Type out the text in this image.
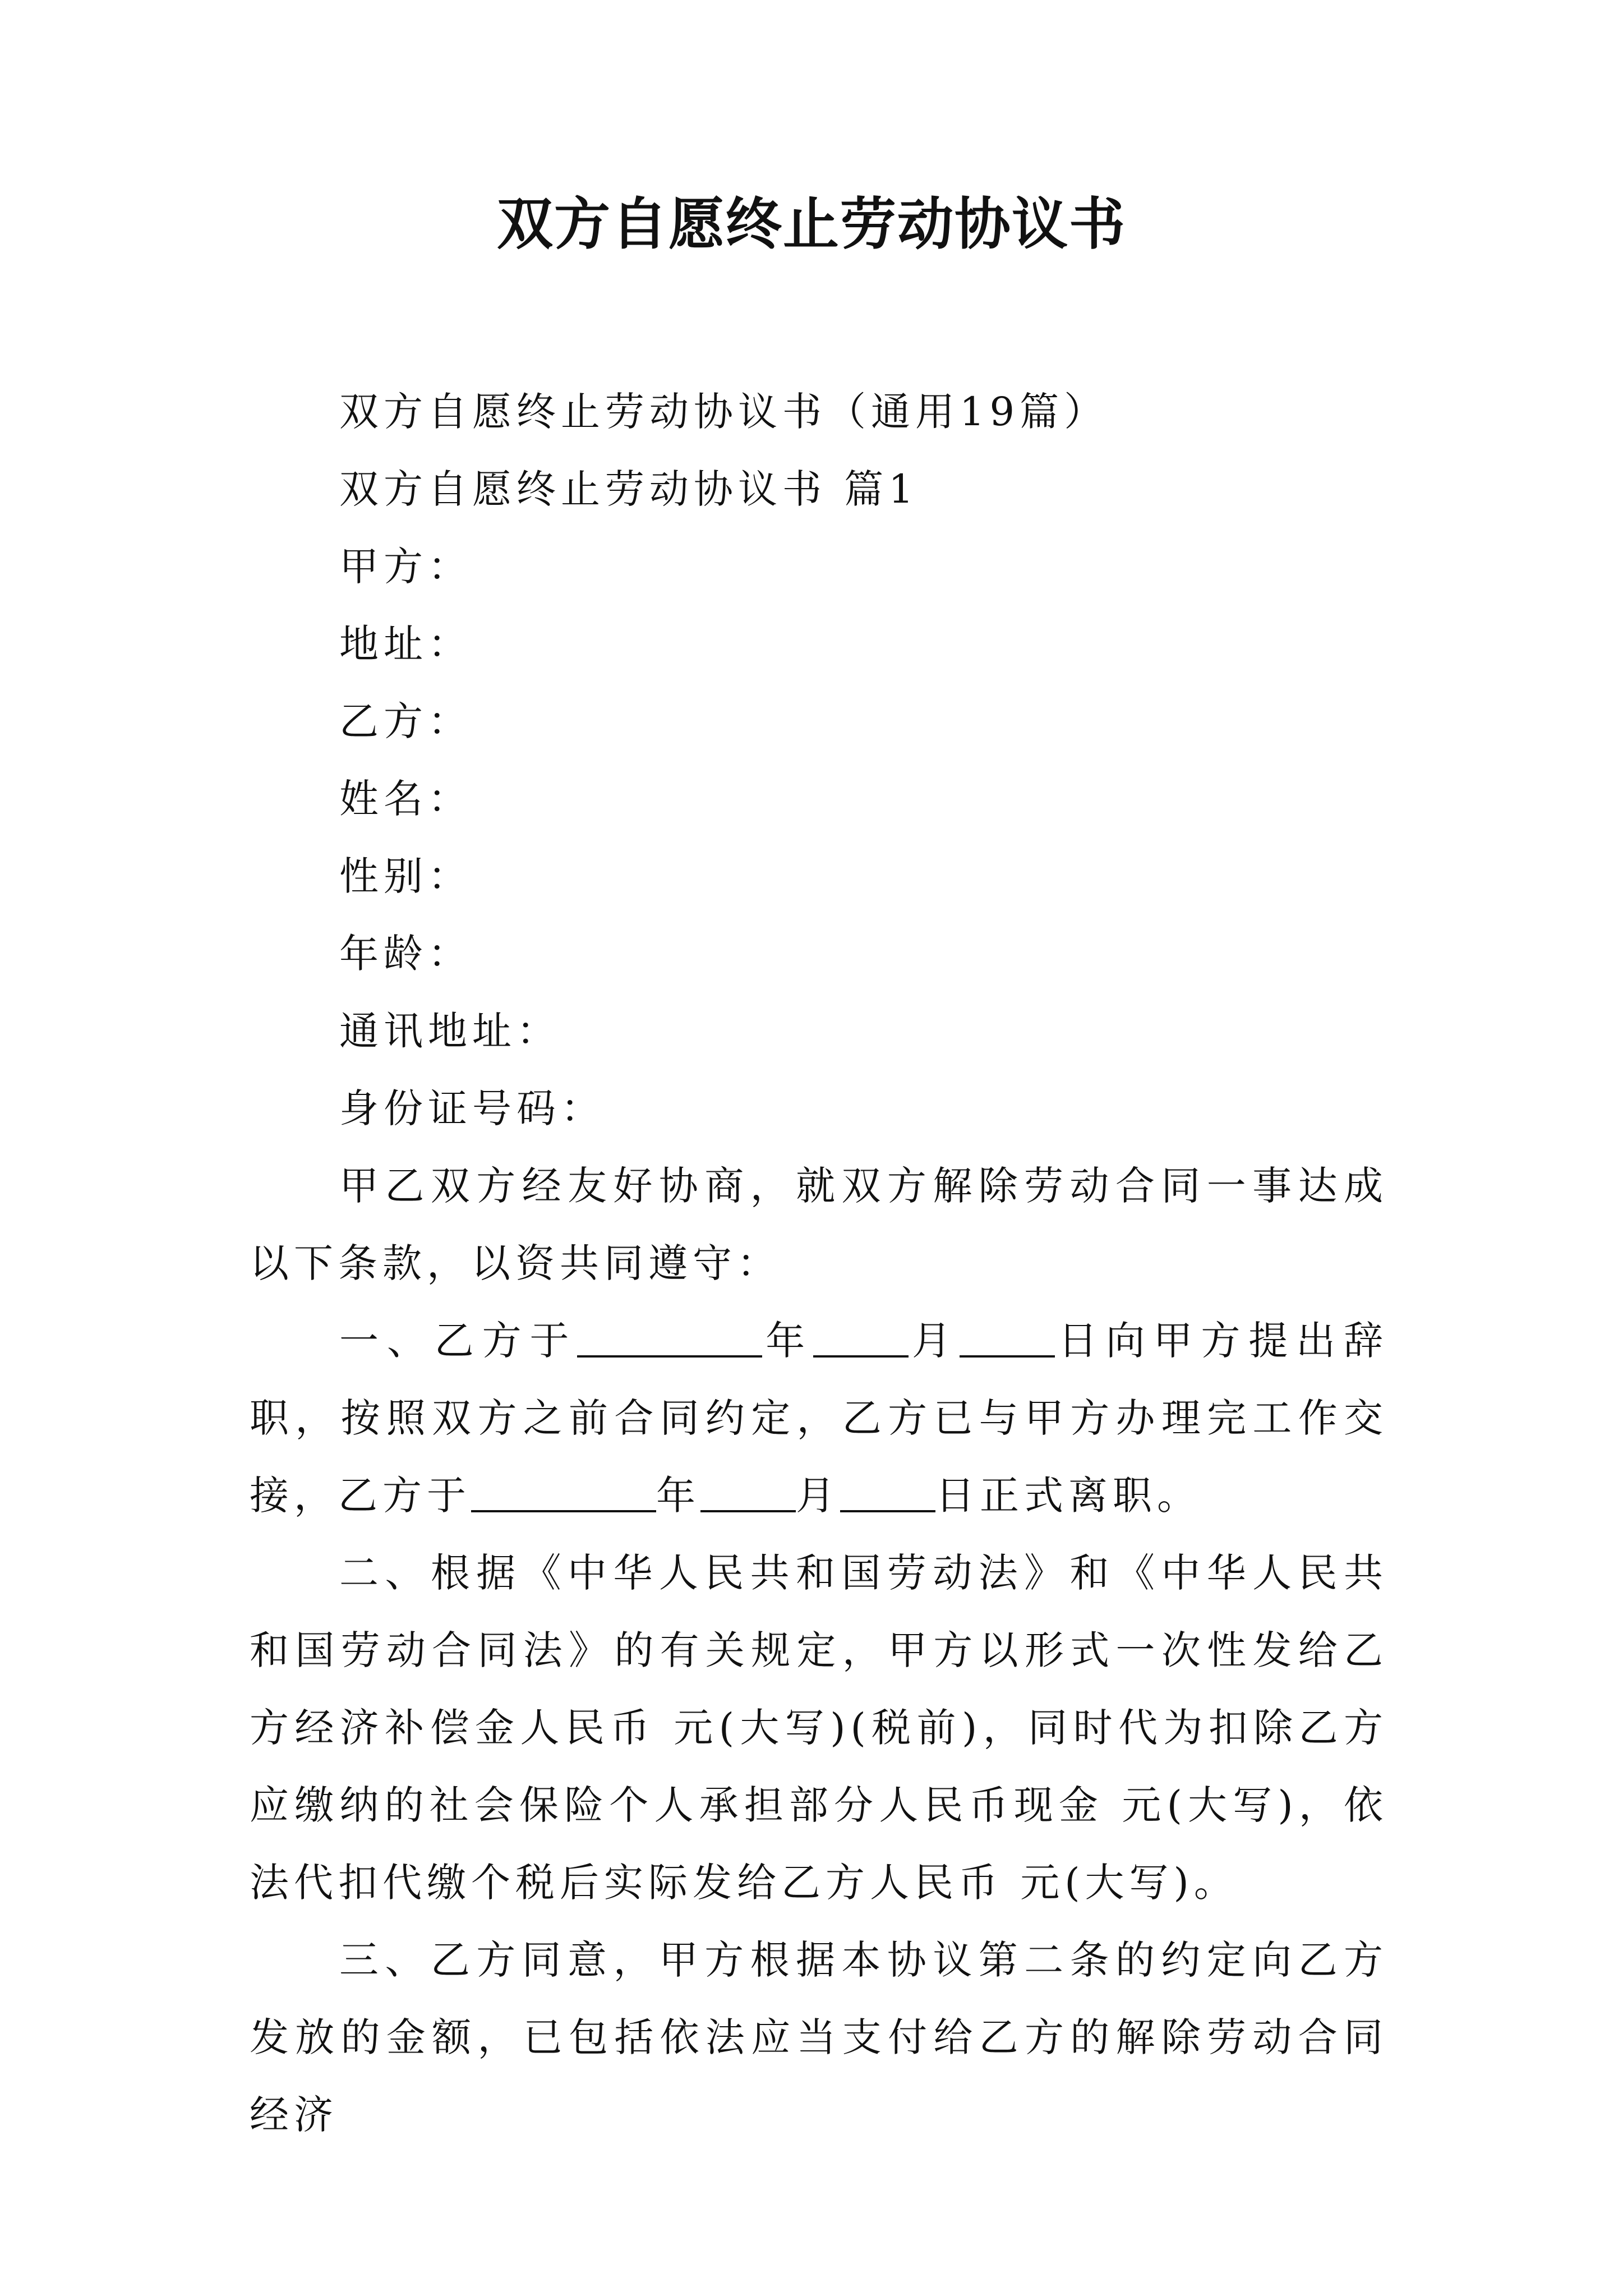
双方自愿终止劳动协议书

双方自愿终止劳动协议书（通用19篇）

双方自愿终止劳动协议书 篇1

甲方：

地址：

乙方：

姓名：

性别：

年龄：

通讯地址：

身份证号码：

甲乙双方经友好协商，就双方解除劳动合同一事达成以下条款，以资共同遵守：

一、乙方于	年 月 日向甲方提出辞职，按照双方之前合同约定，乙方已与甲方办理完工作交接，乙方于	年 月 日正式离职。

二、根据《中华人民共和国劳动法》和《中华人民共和国劳动合同法》的有关规定，甲方以形式一次性发给乙方经济补偿金人民币 元(大写)(税前)，同时代为扣除乙方应缴纳的社会保险个人承担部分人民币现金 元(大写)，依法代扣代缴个税后实际发给乙方人民币 元(大写)。

三、乙方同意，甲方根据本协议第二条的约定向乙方发放的金额，已包括依法应当支付给乙方的解除劳动合同经济
